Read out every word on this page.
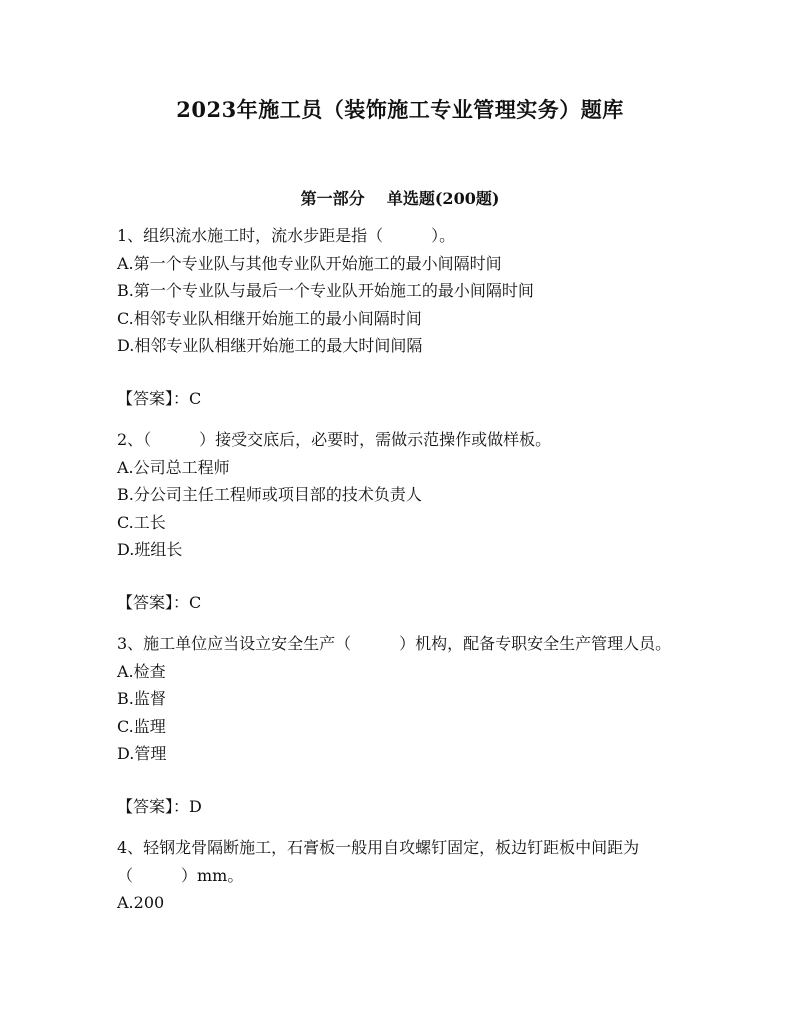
2023年施工员（装饰施工专业管理实务）题库
第一部分    单选题(200题)

1、组织流水施工时，流水步距是指（　　　）。

A.第一个专业队与其他专业队开始施工的最小间隔时间

B.第一个专业队与最后一个专业队开始施工的最小间隔时间

C.相邻专业队相继开始施工的最小间隔时间

D.相邻专业队相继开始施工的最大时间间隔

【答案】：C

2、（　　　）接受交底后，必要时，需做示范操作或做样板。

A.公司总工程师

B.分公司主任工程师或项目部的技术负责人

C.工长

D.班组长

【答案】：C

3、施工单位应当设立安全生产（　　　）机构，配备专职安全生产管理人员。

A.检查

B.监督

C.监理

D.管理

【答案】：D

4、轻钢龙骨隔断施工，石膏板一般用自攻螺钉固定，板边钉距板中间距为（　　　）mm。

A.200
